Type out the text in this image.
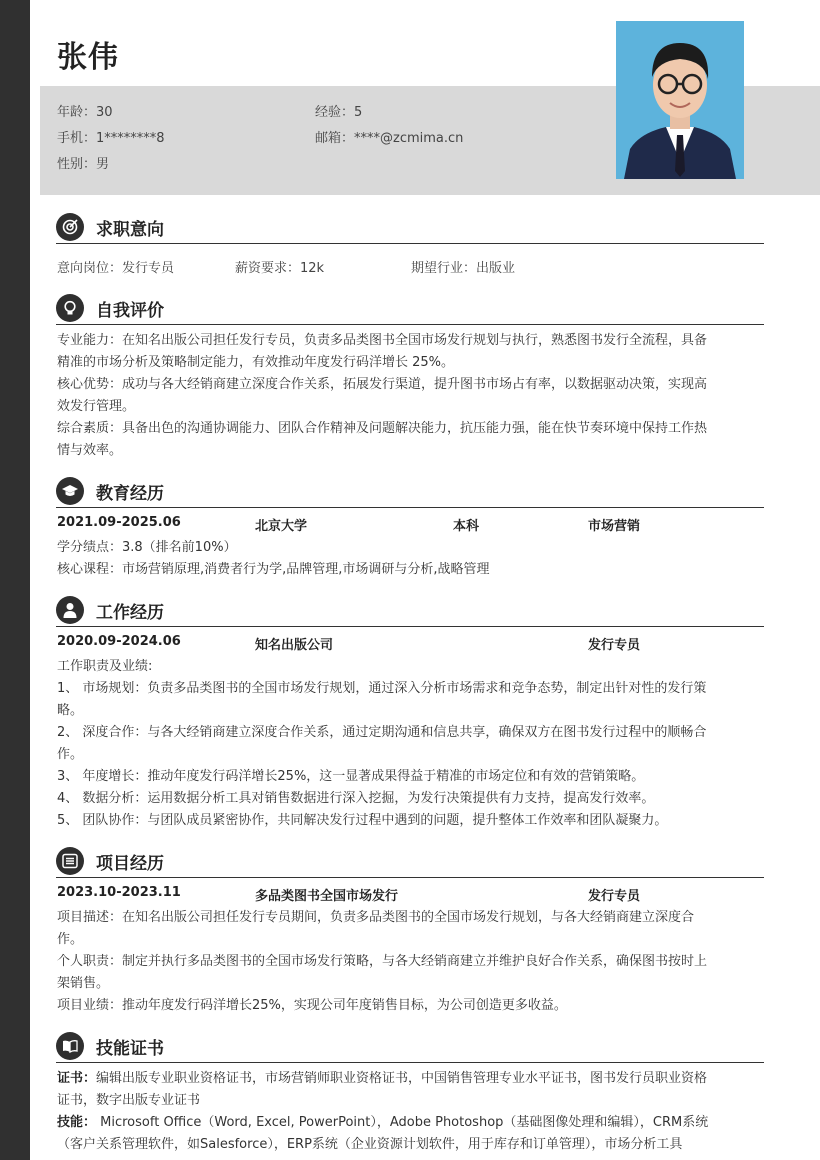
张伟
年龄：30	经验：5
手机：1********8	邮箱：****@zcmima.cn
性别：男
求职意向
意向岗位：发行专员	薪资要求：12k	期望行业：出版业
自我评价
专业能力：在知名出版公司担任发行专员，负责多品类图书全国市场发行规划与执行，熟悉图书发行全流程，具备
精准的市场分析及策略制定能力，有效推动年度发行码洋增长 25%。
核心优势：成功与各大经销商建立深度合作关系，拓展发行渠道，提升图书市场占有率，以数据驱动决策，实现高
效发行管理。
综合素质：具备出色的沟通协调能力、团队合作精神及问题解决能力，抗压能力强，能在快节奏环境中保持工作热
情与效率。
教育经历
2021.09-2025.06	北京大学	本科	市场营销
学分绩点：3.8（排名前10%）
核心课程：市场营销原理,消费者行为学,品牌管理,市场调研与分析,战略管理
工作经历
2020.09-2024.06	知名出版公司	发行专员
工作职责及业绩:
1、 市场规划：负责多品类图书的全国市场发行规划，通过深入分析市场需求和竞争态势，制定出针对性的发行策
略。
2、 深度合作：与各大经销商建立深度合作关系，通过定期沟通和信息共享，确保双方在图书发行过程中的顺畅合
作。
3、 年度增长：推动年度发行码洋增长25%，这一显著成果得益于精准的市场定位和有效的营销策略。
4、 数据分析：运用数据分析工具对销售数据进行深入挖掘，为发行决策提供有力支持，提高发行效率。
5、 团队协作：与团队成员紧密协作，共同解决发行过程中遇到的问题，提升整体工作效率和团队凝聚力。
项目经历
2023.10-2023.11	多品类图书全国市场发行	发行专员
项目描述：在知名出版公司担任发行专员期间，负责多品类图书的全国市场发行规划，与各大经销商建立深度合
作。
个人职责：制定并执行多品类图书的全国市场发行策略，与各大经销商建立并维护良好合作关系，确保图书按时上
架销售。
项目业绩：推动年度发行码洋增长25%，实现公司年度销售目标，为公司创造更多收益。
技能证书
证书：编辑出版专业职业资格证书，市场营销师职业资格证书，中国销售管理专业水平证书，图书发行员职业资格
证书，数字出版专业证书
技能： Microsoft Office（Word, Excel, PowerPoint），Adobe Photoshop（基础图像处理和编辑），CRM系统
（客户关系管理软件，如Salesforce），ERP系统（企业资源计划软件，用于库存和订单管理），市场分析工具
